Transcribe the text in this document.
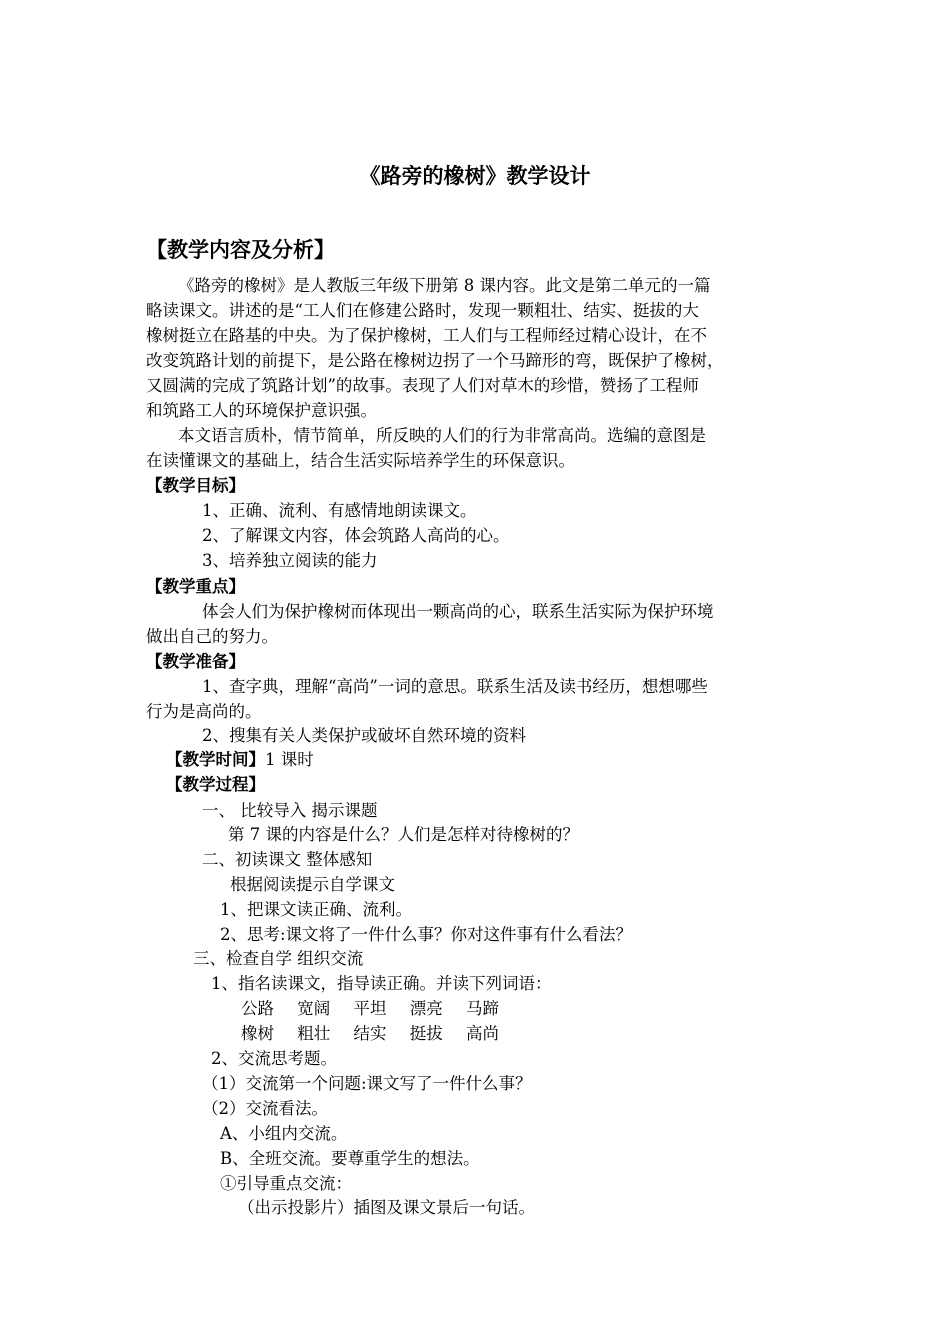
《路旁的橡树》教学设计
【教学内容及分析】
《路旁的橡树》是人教版三年级下册第 8 课内容。此文是第二单元的一篇
略读课文。讲述的是“工人们在修建公路时，发现一颗粗壮、结实、挺拔的大
橡树挺立在路基的中央。为了保护橡树，工人们与工程师经过精心设计，在不
改变筑路计划的前提下，是公路在橡树边拐了一个马蹄形的弯，既保护了橡树，
又圆满的完成了筑路计划”的故事。表现了人们对草木的珍惜，赞扬了工程师
和筑路工人的环境保护意识强。
本文语言质朴，情节简单，所反映的人们的行为非常高尚。选编的意图是
在读懂课文的基础上，结合生活实际培养学生的环保意识。
【教学目标】
1、正确、流利、有感情地朗读课文。
2、了解课文内容，体会筑路人高尚的心。
3、培养独立阅读的能力
【教学重点】
体会人们为保护橡树而体现出一颗高尚的心，联系生活实际为保护环境
做出自己的努力。
【教学准备】
1、查字典，理解“高尚”一词的意思。联系生活及读书经历，想想哪些
行为是高尚的。
2、搜集有关人类保护或破坏自然环境的资料
【教学时间】1 课时
【教学过程】
一、 比较导入 揭示课题
第 7 课的内容是什么？人们是怎样对待橡树的？
二、初读课文 整体感知
根据阅读提示自学课文
1、把课文读正确、流利。
2、思考:课文将了一件什么事？你对这件事有什么看法？
三、检查自学 组织交流
1、指名读课文，指导读正确。并读下列词语：
公路 宽阔 平坦 漂亮 马蹄
橡树 粗壮 结实 挺拔 高尚
2、交流思考题。
（1）交流第一个问题:课文写了一件什么事？
（2）交流看法。
A、小组内交流。
B、全班交流。要尊重学生的想法。
①引导重点交流：
（出示投影片）插图及课文景后一句话。
